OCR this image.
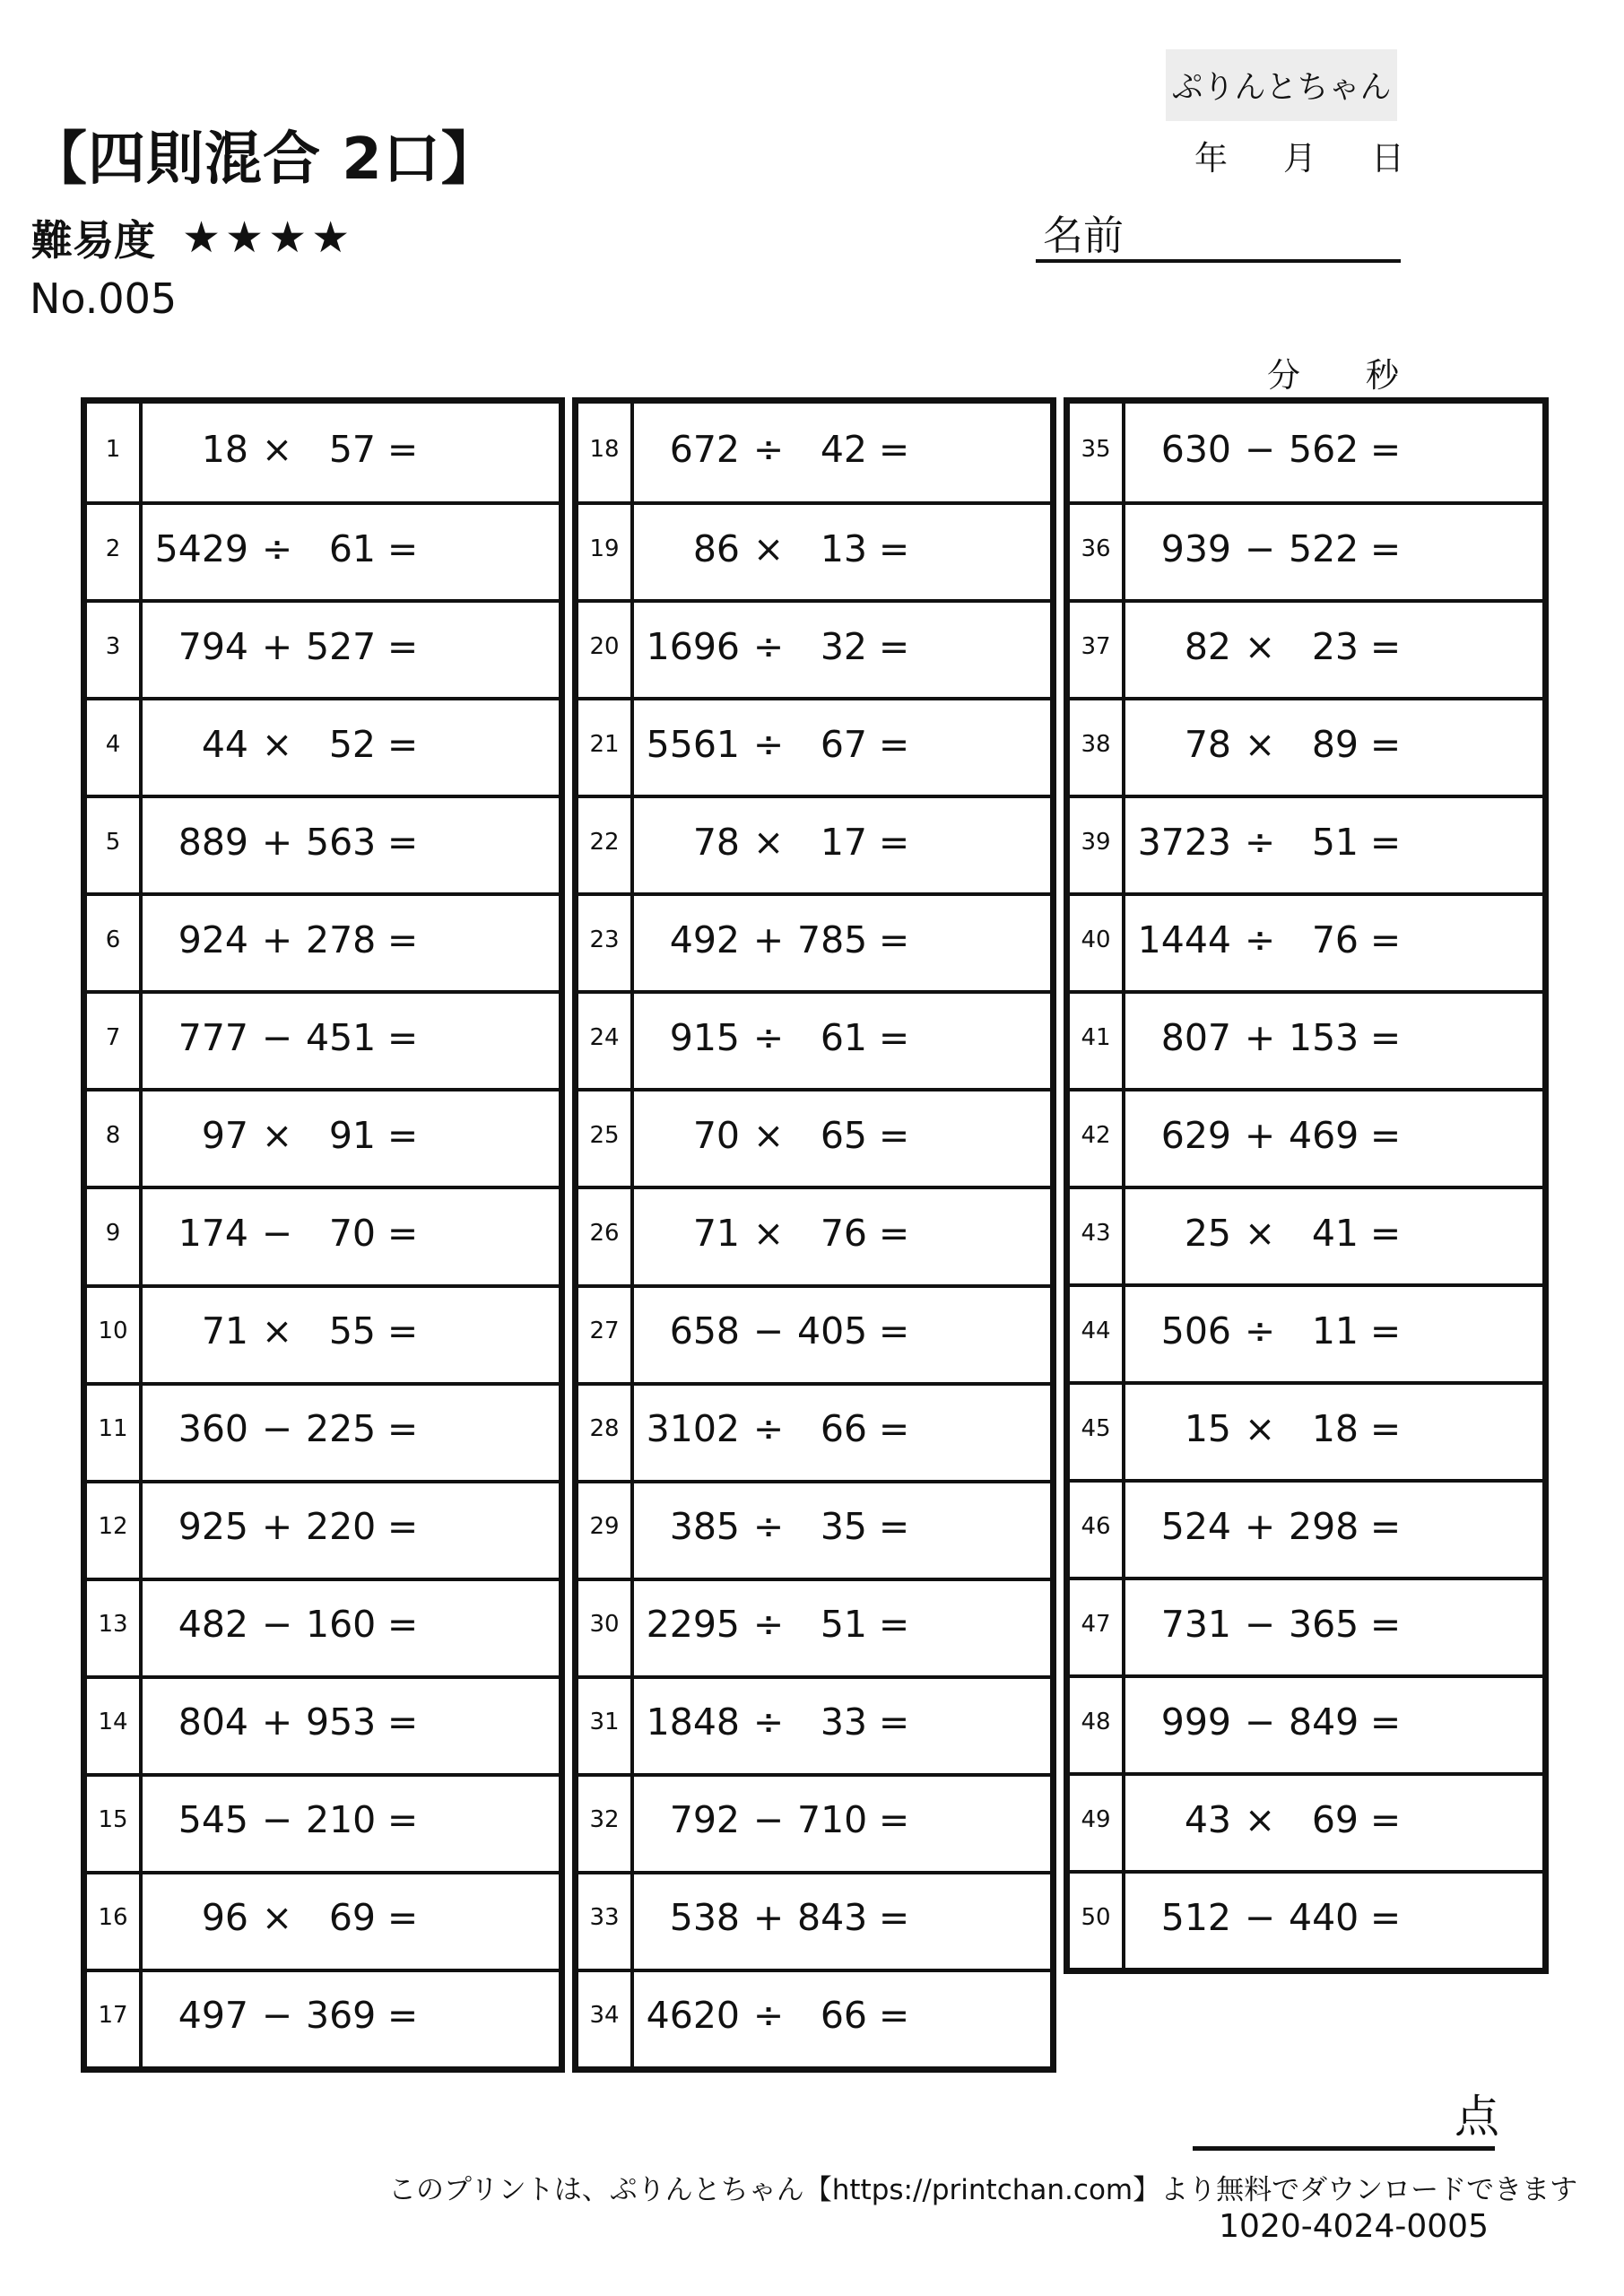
【四則混合 2口】
難易度 ★★★★
No.005
ぷりんとちゃん
年 月 日
名前
分 秒
1	18 × 57 =
2 5429 ÷ 61 =
3	794 + 527 =
4	44 × 52 =
5	889 + 563 =
6	924 + 278 =
7	777 − 451 =
8	97 × 91 =
9	174 − 70 =
10	71 × 55 =
11	360 − 225 =
12	925 + 220 =
13	482 − 160 =
14	804 + 953 =
15	545 − 210 =
16	96 × 69 =
17	497 − 369 =
18	672 ÷ 42 =
19	86 × 13 =
20 1696 ÷ 32 =
21 5561 ÷ 67 =
22	78 × 17 =
23	492 + 785 =
24	915 ÷ 61 =
25	70 × 65 =
26	71 × 76 =
27	658 − 405 =
28 3102 ÷ 66 =
29	385 ÷ 35 =
30 2295 ÷ 51 =
31 1848 ÷ 33 =
32	792 − 710 =
33	538 + 843 =
34 4620 ÷ 66 =
35	630 − 562 =
36	939 − 522 =
37	82 × 23 =
38	78 × 89 =
39 3723 ÷ 51 =
40 1444 ÷ 76 =
41	807 + 153 =
42	629 + 469 =
43	25 × 41 =
44	506 ÷ 11 =
45	15 × 18 =
46	524 + 298 =
47	731 − 365 =
48	999 − 849 =
49	43 × 69 =
50	512 − 440 =
点
このプリントは、ぷりんとちゃん【https://printchan.com】より無料でダウンロードできます
1020-4024-0005
